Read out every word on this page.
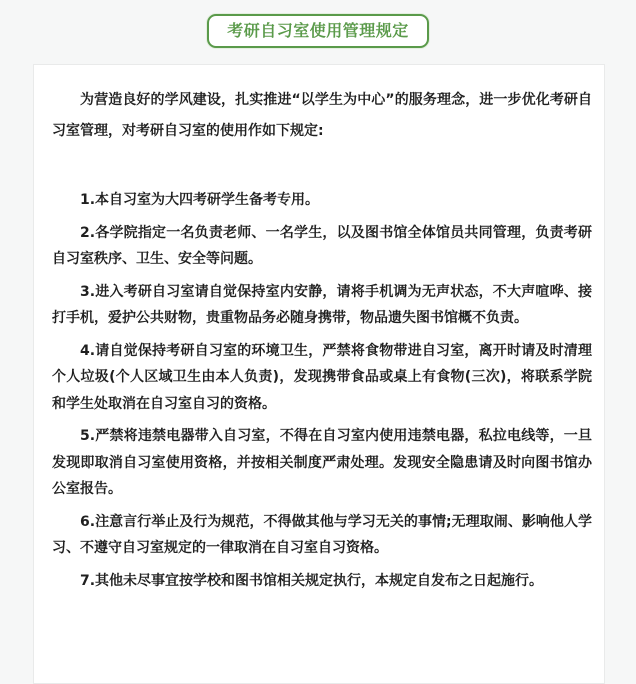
考研自习室使用管理规定

为营造良好的学风建设，扎实推进“以学生为中心”的服务理念，进一步优化考研自习室管理，对考研自习室的使用作如下规定:

1.本自习室为大四考研学生备考专用。

2.各学院指定一名负责老师、一名学生，以及图书馆全体馆员共同管理，负责考研自习室秩序、卫生、安全等问题。

3.进入考研自习室请自觉保持室内安静，请将手机调为无声状态，不大声喧哗、接打手机，爱护公共财物，贵重物品务必随身携带，物品遗失图书馆概不负责。

4.请自觉保持考研自习室的环境卫生，严禁将食物带进自习室，离开时请及时清理个人垃圾(个人区域卫生由本人负责)，发现携带食品或桌上有食物(三次)，将联系学院和学生处取消在自习室自习的资格。

5.严禁将违禁电器带入自习室，不得在自习室内使用违禁电器，私拉电线等，一旦发现即取消自习室使用资格，并按相关制度严肃处理。发现安全隐患请及时向图书馆办公室报告。

6.注意言行举止及行为规范，不得做其他与学习无关的事情;无理取闹、影响他人学习、不遵守自习室规定的一律取消在自习室自习资格。

7.其他未尽事宜按学校和图书馆相关规定执行，本规定自发布之日起施行。
